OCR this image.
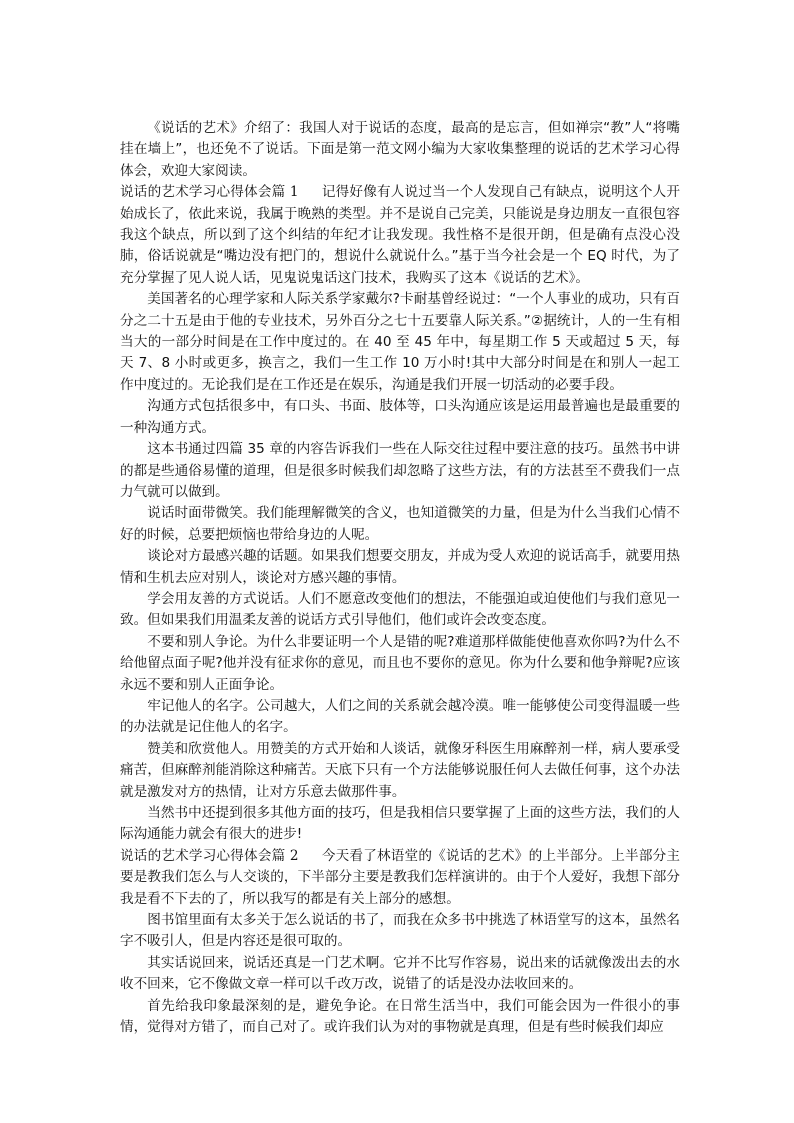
《说话的艺术》介绍了：我国人对于说话的态度，最高的是忘言，但如禅宗“教”人“将嘴挂在墙上”，也还免不了说话。下面是第一范文网小编为大家收集整理的说话的艺术学习心得体会，欢迎大家阅读。

说话的艺术学习心得体会篇 1 记得好像有人说过当一个人发现自己有缺点，说明这个人开始成长了，依此来说，我属于晚熟的类型。并不是说自己完美，只能说是身边朋友一直很包容我这个缺点，所以到了这个纠结的年纪才让我发现。我性格不是很开朗，但是确有点没心没肺，俗话说就是“嘴边没有把门的，想说什么就说什么。”基于当今社会是一个 EQ 时代，为了充分掌握了见人说人话，见鬼说鬼话这门技术，我购买了这本《说话的艺术》。

美国著名的心理学家和人际关系学家戴尔?卡耐基曾经说过：“一个人事业的成功，只有百分之二十五是由于他的专业技术，另外百分之七十五要靠人际关系。”②据统计，人的一生有相当大的一部分时间是在工作中度过的。在 40 至 45 年中，每星期工作 5 天或超过 5 天，每天 7、8 小时或更多，换言之，我们一生工作 10 万小时!其中大部分时间是在和别人一起工作中度过的。无论我们是在工作还是在娱乐，沟通是我们开展一切活动的必要手段。

沟通方式包括很多中，有口头、书面、肢体等，口头沟通应该是运用最普遍也是最重要的一种沟通方式。

这本书通过四篇 35 章的内容告诉我们一些在人际交往过程中要注意的技巧。虽然书中讲的都是些通俗易懂的道理，但是很多时候我们却忽略了这些方法，有的方法甚至不费我们一点力气就可以做到。

说话时面带微笑。我们能理解微笑的含义，也知道微笑的力量，但是为什么当我们心情不好的时候，总要把烦恼也带给身边的人呢。

谈论对方最感兴趣的话题。如果我们想要交朋友，并成为受人欢迎的说话高手，就要用热情和生机去应对别人，谈论对方感兴趣的事情。

学会用友善的方式说话。人们不愿意改变他们的想法，不能强迫或迫使他们与我们意见一致。但如果我们用温柔友善的说话方式引导他们，他们或许会改变态度。

不要和别人争论。为什么非要证明一个人是错的呢?难道那样做能使他喜欢你吗?为什么不给他留点面子呢?他并没有征求你的意见，而且也不要你的意见。你为什么要和他争辩呢?应该永远不要和别人正面争论。

牢记他人的名字。公司越大，人们之间的关系就会越冷漠。唯一能够使公司变得温暖一些的办法就是记住他人的名字。

赞美和欣赏他人。用赞美的方式开始和人谈话，就像牙科医生用麻醉剂一样，病人要承受痛苦，但麻醉剂能消除这种痛苦。天底下只有一个方法能够说服任何人去做任何事，这个办法就是激发对方的热情，让对方乐意去做那件事。

当然书中还提到很多其他方面的技巧，但是我相信只要掌握了上面的这些方法，我们的人际沟通能力就会有很大的进步!

说话的艺术学习心得体会篇 2 今天看了林语堂的《说话的艺术》的上半部分。上半部分主要是教我们怎么与人交谈的，下半部分主要是教我们怎样演讲的。由于个人爱好，我想下部分我是看不下去的了，所以我写的都是有关上部分的感想。

图书馆里面有太多关于怎么说话的书了，而我在众多书中挑选了林语堂写的这本，虽然名字不吸引人，但是内容还是很可取的。

其实话说回来，说话还真是一门艺术啊。它并不比写作容易，说出来的话就像泼出去的水收不回来，它不像做文章一样可以千改万改，说错了的话是没办法收回来的。

首先给我印象最深刻的是，避免争论。在日常生活当中，我们可能会因为一件很小的事情，觉得对方错了，而自己对了。或许我们认为对的事物就是真理，但是有些时候我们却应
